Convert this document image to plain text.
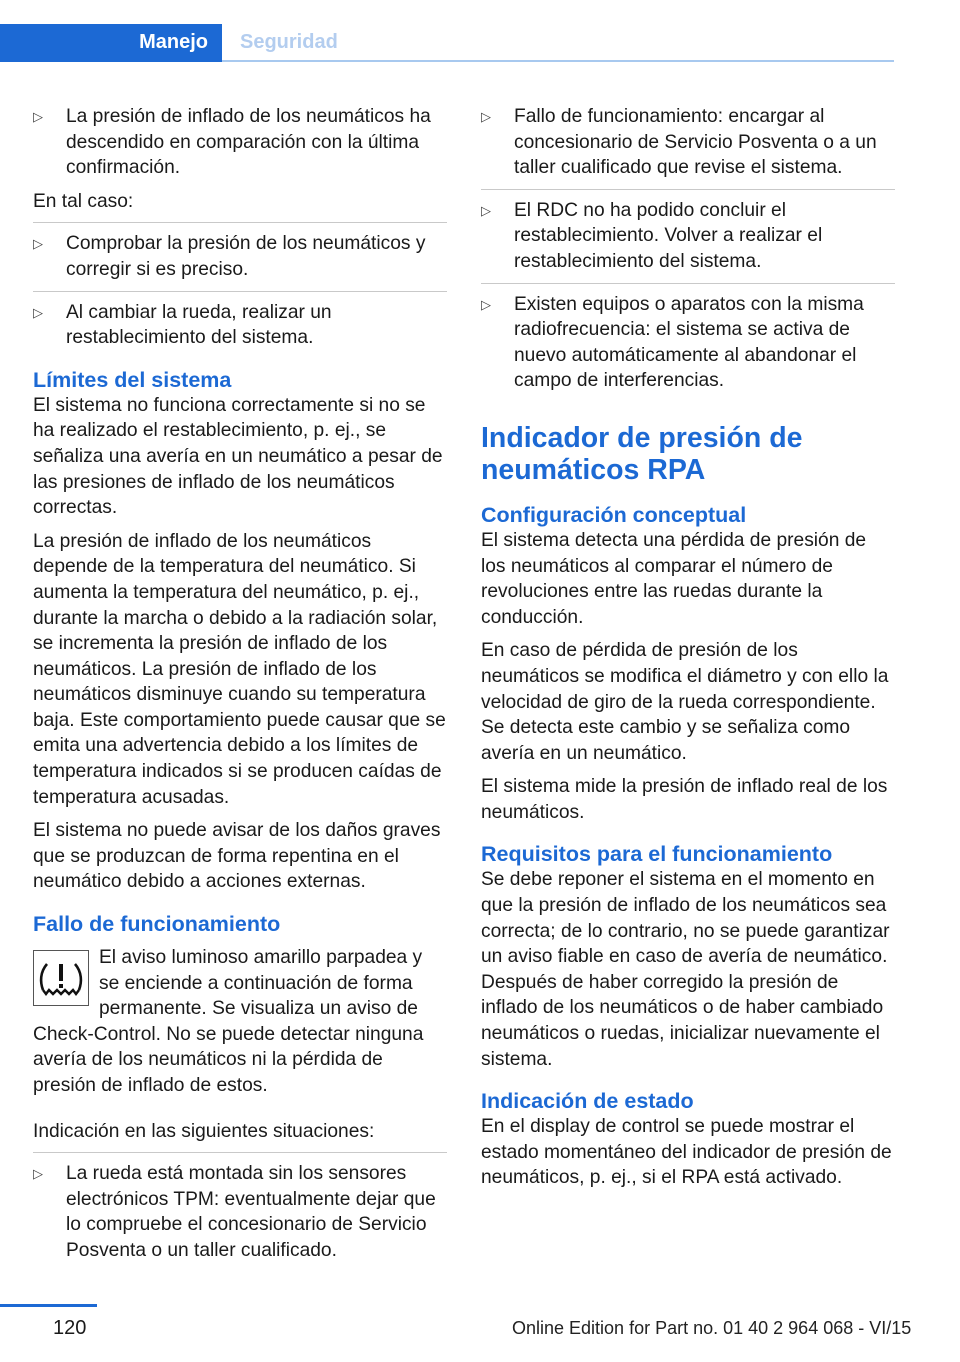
Manejo Seguridad
▷	La presión de inflado de los neumáticos ha descendido en comparación con la última confirmación.

En tal caso:

▷	Comprobar la presión de los neumáticos y corregir si es preciso.
▷	Al cambiar la rueda, realizar un restablecimiento del sistema.
Límites del sistema

El sistema no funciona correctamente si no se ha realizado el restablecimiento, p. ej., se señaliza una avería en un neumático a pesar de las presiones de inflado de los neumáticos correctas.

La presión de inflado de los neumáticos depende de la temperatura del neumático. Si aumenta la temperatura del neumático, p. ej., durante la marcha o debido a la radiación solar, se incrementa la presión de inflado de los neumáticos. La presión de inflado de los neumáticos disminuye cuando su temperatura baja. Este comportamiento puede causar que se emita una advertencia debido a los límites de temperatura indicados si se producen caídas de temperatura acusadas.

El sistema no puede avisar de los daños graves que se produzcan de forma repentina en el neumático debido a acciones externas.

Fallo de funcionamiento

El aviso luminoso amarillo parpadea y se enciende a continuación de forma permanente. Se visualiza un aviso de Check-Control. No se puede detectar ninguna avería de los neumáticos ni la pérdida de presión de inflado de estos.

Indicación en las siguientes situaciones:

▷	La rueda está montada sin los sensores electrónicos TPM: eventualmente dejar que lo compruebe el concesionario de Servicio Posventa o un taller cualificado.
▷	Fallo de funcionamiento: encargar al concesionario de Servicio Posventa o a un taller cualificado que revise el sistema.
▷	El RDC no ha podido concluir el restablecimiento. Volver a realizar el restablecimiento del sistema.
▷	Existen equipos o aparatos con la misma radiofrecuencia: el sistema se activa de nuevo automáticamente al abandonar el campo de interferencias.
Indicador de presión de neumáticos RPA
Configuración conceptual

El sistema detecta una pérdida de presión de los neumáticos al comparar el número de revoluciones entre las ruedas durante la conducción.

En caso de pérdida de presión de los neumáticos se modifica el diámetro y con ello la velocidad de giro de la rueda correspondiente. Se detecta este cambio y se señaliza como avería en un neumático.

El sistema mide la presión de inflado real de los neumáticos.

Requisitos para el funcionamiento

Se debe reponer el sistema en el momento en que la presión de inflado de los neumáticos sea correcta; de lo contrario, no se puede garantizar un aviso fiable en caso de avería de neumático. Después de haber corregido la presión de inflado de los neumáticos o de haber cambiado neumáticos o ruedas, inicializar nuevamente el sistema.

Indicación de estado

En el display de control se puede mostrar el estado momentáneo del indicador de presión de neumáticos, p. ej., si el RPA está activado.

120	Online Edition for Part no. 01 40 2 964 068 - VI/15
